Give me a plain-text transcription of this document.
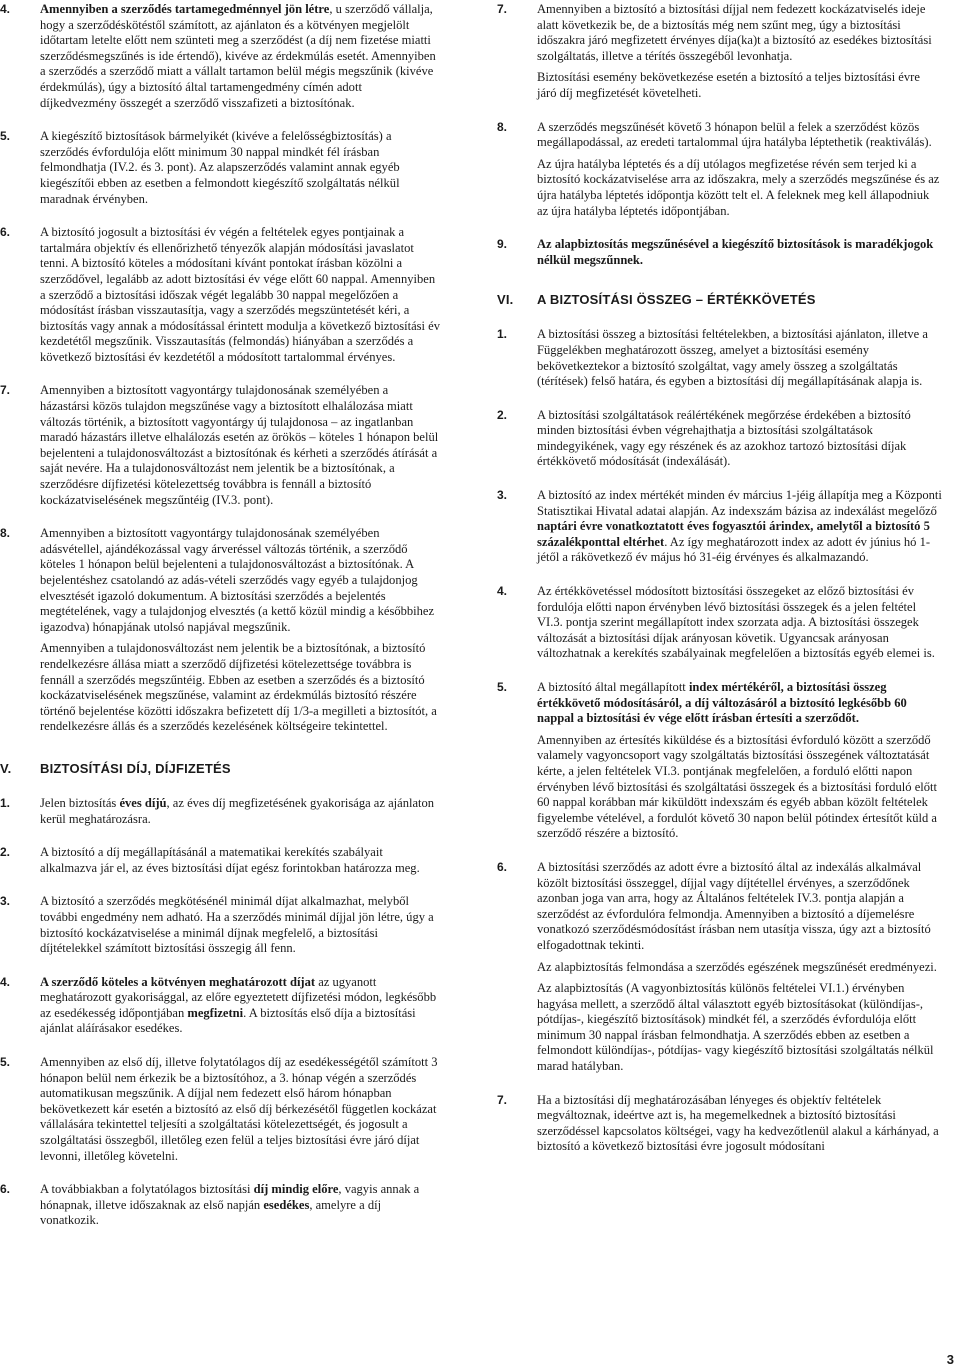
4. Amennyiben a szerződés tartamegedménnyel jön létre, u szerződő vállalja, hogy a szerződéskötéstől számított, az ajánlaton és a kötvényen megjelölt időtartam letelte előtt nem szünteti meg a szerződést (a díj nem fizetése miatti szerződésmegszűnés is ide értendő), kivéve az érdekmúlás esetét. Amennyiben a szerződés a szerződő miatt a vállalt tartamon belül mégis megszűnik (kivéve érdekmúlás), úgy a biztosító által tartamengedmény címén adott díjkedvezmény összegét a szerződő visszafizeti a biztosítónak.

5. A kiegészítő biztosítások bármelyikét (kivéve a felelősségbiztosítás) a szerződés évfordulója előtt minimum 30 nappal mindkét fél írásban felmondhatja (IV.2. és 3. pont). Az alapszerződés valamint annak egyéb kiegészítői ebben az esetben a felmondott kiegészítő szolgáltatás nélkül maradnak érvényben.

6. A biztosító jogosult a biztosítási év végén a feltételek egyes pontjainak a tartalmára objektív és ellenőrizhető tényezők alapján módosítási javaslatot tenni. A biztosító köteles a módosítani kívánt pontokat írásban közölni a szerződővel, legalább az adott biztosítási év vége előtt 60 nappal. Amennyiben a szerződő a biztosítási időszak végét legalább 30 nappal megelőzően a módosítást írásban visszautasítja, vagy a szerződés megszüntetését kéri, a biztosítás vagy annak a módosítással érintett modulja a következő biztosítási év kezdetétől megszűnik. Visszautasítás (felmondás) hiányában a szerződés a következő biztosítási év kezdetétől a módosított tartalommal érvényes.

7. Amennyiben a biztosított vagyontárgy tulajdonosának személyében a házastársi közös tulajdon megszűnése vagy a biztosított elhalálozása miatt változás történik, a biztosított vagyontárgy új tulajdonosa – az ingatlanban maradó házastárs illetve elhalálozás esetén az örökös – köteles 1 hónapon belül bejelenteni a tulajdonosváltozást a biztosítónak és kérheti a szerződés átírását a saját nevére. Ha a tulajdonosváltozást nem jelentik be a biztosítónak, a szerződésre díjfizetési kötelezettség továbbra is fennáll a biztosító kockázatviselésének megszűntéig (IV.3. pont).

8. Amennyiben a biztosított vagyontárgy tulajdonosának személyében adásvétellel, ajándékozással vagy árveréssel változás történik, a szerződő köteles 1 hónapon belül bejelenteni a tulajdonosváltozást a biztosítónak. A bejelentéshez csatolandó az adás-vételi szerződés vagy egyéb a tulajdonjog elvesztését igazoló dokumentum. A biztosítási szerződés a bejelentés megtételének, vagy a tulajdonjog elvesztés (a kettő közül mindig a későbbihez igazodva) hónapjának utolsó napjával megszűnik.

Amennyiben a tulajdonosváltozást nem jelentik be a biztosítónak, a biztosító rendelkezésre állása miatt a szerződő díjfizetési kötelezettsége továbbra is fennáll a szerződés megszűntéig. Ebben az esetben a szerződés és a biztosító kockázatviselésének megszűnése, valamint az érdekmúlás biztosító részére történő bejelentése közötti időszakra befizetett díj 1/3-a megilleti a biztosítót, a rendelkezésre állás és a szerződés kezelésének költségeire tekintettel.

V. BIZTOSÍTÁSI DÍJ, DÍJFIZETÉS
1. Jelen biztosítás éves díjú, az éves díj megfizetésének gyakorisága az ajánlaton kerül meghatározásra.

2. A biztosító a díj megállapításánál a matematikai kerekítés szabályait alkalmazva jár el, az éves biztosítási díjat egész forintokban határozza meg.

3. A biztosító a szerződés megkötésénél minimál díjat alkalmazhat, melyből további engedmény nem adható. Ha a szerződés minimál díjjal jön létre, úgy a biztosító kockázatviselése a minimál díjnak megfelelő, a biztosítási díjtételekkel számított biztosítási összegig áll fenn.

4. A szerződő köteles a kötvényen meghatározott díjat az ugyanott meghatározott gyakorisággal, az előre egyeztetett díjfizetési módon, legkésőbb az esedékesség időpontjában megfizetni. A biztosítás első díja a biztosítási ajánlat aláírásakor esedékes.

5. Amennyiben az első díj, illetve folytatólagos díj az esedékességétől számított 3 hónapon belül nem érkezik be a biztosítóhoz, a 3. hónap végén a szerződés automatikusan megszűnik. A díjjal nem fedezett első három hónapban bekövetkezett kár esetén a biztosító az első díj bérkezésétől független kockázat vállalására tekintettel teljesíti a szolgáltatási kötelezettségét, és jogosult a szolgáltatási összegből, illetőleg ezen felül a teljes biztosítási évre járó díjat levonni, illetőleg követelni.

6. A továbbiakban a folytatólagos biztosítási díj mindig előre, vagyis annak a hónapnak, illetve időszaknak az első napján esedékes, amelyre a díj vonatkozik.

7. Amennyiben a biztosító a biztosítási díjjal nem fedezett kockázatviselés ideje alatt következik be, de a biztosítás még nem szűnt meg, úgy a biztosítási időszakra járó megfizetett érvényes díja(ka)t a biztosító az esedékes biztosítási szolgáltatás, illetve a térítés összegéből levonhatja.

Biztosítási esemény bekövetkezése esetén a biztosító a teljes biztosítási évre járó díj megfizetését követelheti.

8. A szerződés megszűnését követő 3 hónapon belül a felek a szerződést közös megállapodással, az eredeti tartalommal újra hatályba léptethetik (reaktiválás).

Az újra hatályba léptetés és a díj utólagos megfizetése révén sem terjed ki a biztosító kockázatviselése arra az időszakra, mely a szerződés megszűnése és az újra hatályba léptetés időpontja között telt el. A feleknek meg kell állapodniuk az újra hatályba léptetés időpontjában.

9. Az alapbiztosítás megszűnésével a kiegészítő biztosítások is maradékjogok nélkül megszűnnek.

VI. A BIZTOSÍTÁSI ÖSSZEG – ÉRTÉKKÖVETÉS
1. A biztosítási összeg a biztosítási feltételekben, a biztosítási ajánlaton, illetve a Függelékben meghatározott összeg, amelyet a biztosítási esemény bekövetkeztekor a biztosító szolgáltat, vagy amely összeg a szolgáltatás (térítések) felső határa, és egyben a biztosítási díj megállapításának alapja is.

2. A biztosítási szolgáltatások reálértékének megőrzése érdekében a biztosító minden biztosítási évben végrehajthatja a biztosítási szolgáltatások mindegyikének, vagy egy részének és az azokhoz tartozó biztosítási díjak értékkövető módosítását (indexálását).

3. A biztosító az index mértékét minden év március 1-jéig állapítja meg a Központi Statisztikai Hivatal adatai alapján. Az indexszám bázisa az indexálást megelőző naptári évre vonatkoztatott éves fogyasztói árindex, amelytől a biztosító 5 százalékponttal eltérhet. Az így meghatározott index az adott év június hó 1-jétől a rákövetkező év május hó 31-éig érvényes és alkalmazandó.

4. Az értékkövetéssel módosított biztosítási összegeket az előző biztosítási év fordulója előtti napon érvényben lévő biztosítási összegek és a jelen feltétel VI.3. pontja szerint megállapított index szorzata adja. A biztosítási összegek változását a biztosítási díjak arányosan követik. Ugyancsak arányosan változhatnak a kerekítés szabályainak megfelelően a biztosítás egyéb elemei is.

5. A biztosító által megállapított index mértékéről, a biztosítási összeg értékkövető módosításáról, a díj változásáról a biztosító legkésőbb 60 nappal a biztosítási év vége előtt írásban értesíti a szerződőt.

Amennyiben az értesítés kiküldése és a biztosítási évforduló között a szerződő valamely vagyoncsoport vagy szolgáltatás biztosítási összegének változtatását kérte, a jelen feltételek VI.3. pontjának megfelelően, a forduló előtti napon érvényben lévő biztosítási és szolgáltatási összegek és a biztosítási forduló előtt 60 nappal korábban már kiküldött indexszám és egyéb abban közölt feltételek figyelembe vételével, a fordulót követő 30 napon belül pótindex értesítőt küld a szerződő részére a biztosító.

6. A biztosítási szerződés az adott évre a biztosító által az indexálás alkalmával közölt biztosítási összeggel, díjjal vagy díjtétellel érvényes, a szerződőnek azonban joga van arra, hogy az Általános feltételek IV.3. pontja alapján a szerződést az évfordulóra felmondja. Amennyiben a biztosító a díjemelésre vonatkozó szerződésmódosítást írásban nem utasítja vissza, úgy azt a biztosító elfogadottnak tekinti.

Az alapbiztosítás felmondása a szerződés egészének megszűnését eredményezi.

Az alapbiztosítás (A vagyonbiztosítás különös feltételei VI.1.) érvényben hagyása mellett, a szerződő által választott egyéb biztosításokat (különdíjas-, pótdíjas-, kiegészítő biztosítások) mindkét fél, a szerződés évfordulója előtt minimum 30 nappal írásban felmondhatja. A szerződés ebben az esetben a felmondott különdíjas-, pótdíjas- vagy kiegészítő biztosítási szolgáltatás nélkül marad hatályban.

7. Ha a biztosítási díj meghatározásában lényeges és objektív feltételek megváltoznak, ideértve azt is, ha megemelkednek a biztosító biztosítási szerződéssel kapcsolatos költségei, vagy ha kedvezőtlenül alakul a kárhányad, a biztosító a következő biztosítási évre jogosult módosítani

3
